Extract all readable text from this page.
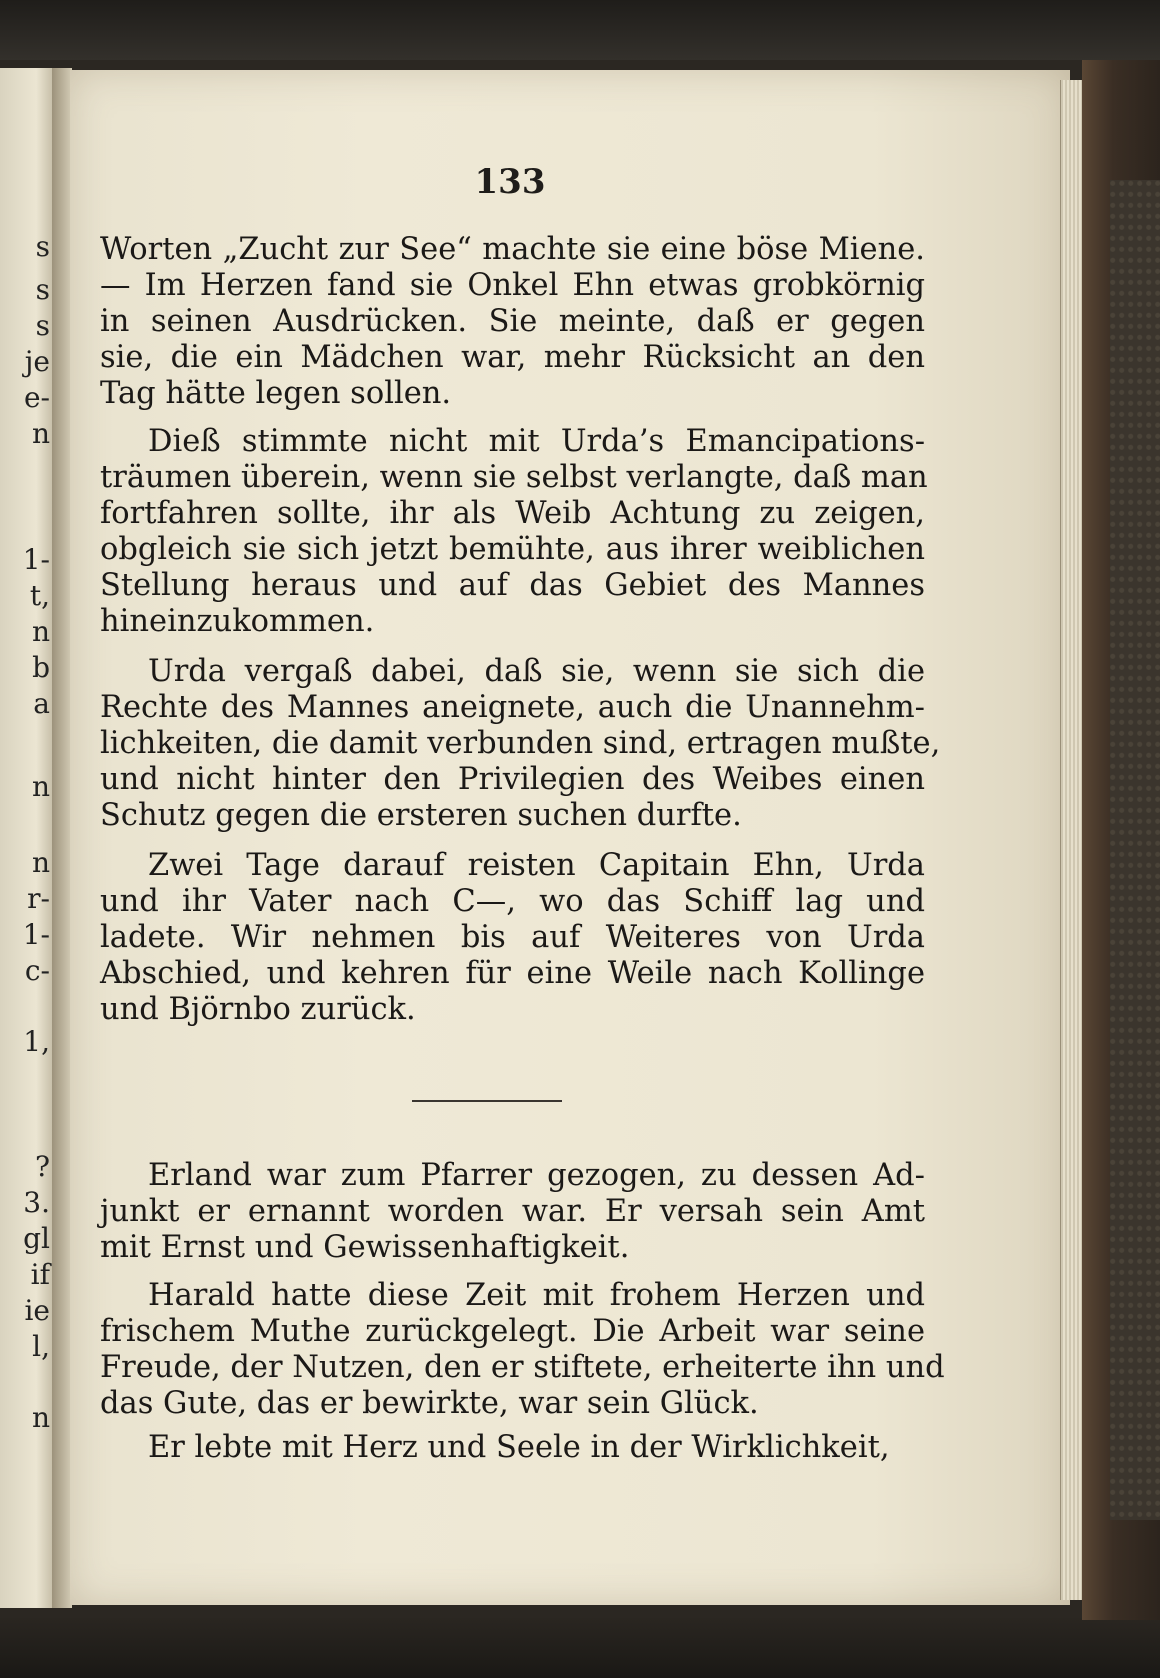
s
s
s
je
e-
n
1-
t,
n
b
a
n
n
r-
1-
c-
1,
?
3.
gl
if
ie
l,
n
133
Worten „Zucht zur See“ machte sie eine böse Miene.
— Im Herzen fand sie Onkel Ehn etwas grobkörnig
in seinen Ausdrücken. Sie meinte, daß er gegen
sie, die ein Mädchen war, mehr Rücksicht an den
Tag hätte legen sollen.
Dieß stimmte nicht mit Urda’s Emancipations-
träumen überein, wenn sie selbst verlangte, daß man
fortfahren sollte, ihr als Weib Achtung zu zeigen,
obgleich sie sich jetzt bemühte, aus ihrer weiblichen
Stellung heraus und auf das Gebiet des Mannes
hineinzukommen.
Urda vergaß dabei, daß sie, wenn sie sich die
Rechte des Mannes aneignete, auch die Unannehm-
lichkeiten, die damit verbunden sind, ertragen mußte,
und nicht hinter den Privilegien des Weibes einen
Schutz gegen die ersteren suchen durfte.
Zwei Tage darauf reisten Capitain Ehn, Urda
und ihr Vater nach C—, wo das Schiff lag und
ladete. Wir nehmen bis auf Weiteres von Urda
Abschied, und kehren für eine Weile nach Kollinge
und Björnbo zurück.
Erland war zum Pfarrer gezogen, zu dessen Ad-
junkt er ernannt worden war. Er versah sein Amt
mit Ernst und Gewissenhaftigkeit.
Harald hatte diese Zeit mit frohem Herzen und
frischem Muthe zurückgelegt. Die Arbeit war seine
Freude, der Nutzen, den er stiftete, erheiterte ihn und
das Gute, das er bewirkte, war sein Glück.
Er lebte mit Herz und Seele in der Wirklichkeit,
